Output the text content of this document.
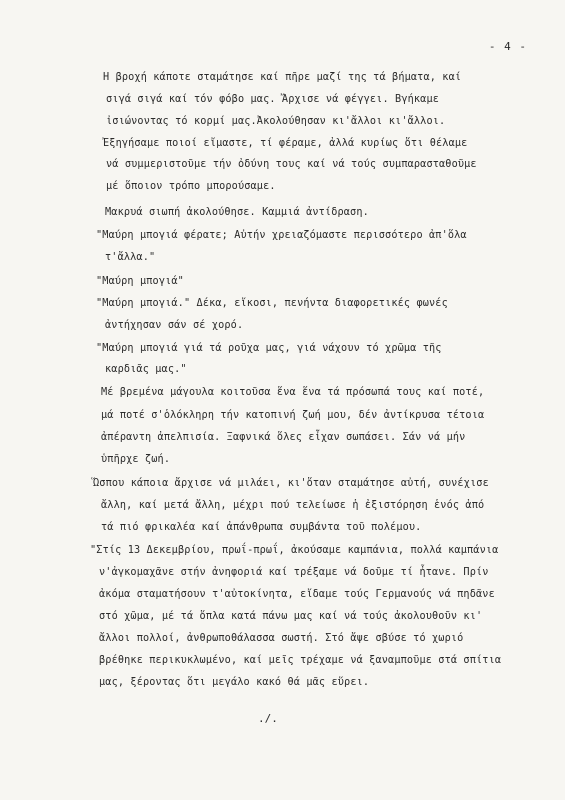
- 4 -
Η βροχή κάποτε σταμάτησε καί πῆρε μαζί της τά βήματα, καί
σιγά σιγά καί τόν φόβο μας. Ἄρχισε νά φέγγει. Βγήκαμε
ἰσιώνοντας τό κορμί μας.Ἀκολούθησαν κι'ἄλλοι κι'ἄλλοι.
Ἐξηγήσαμε ποιοί εἴμαστε, τί φέραμε, ἀλλά κυρίως ὅτι θέλαμε
νά συμμεριστοῦμε τήν ὀδύνη τους καί νά τούς συμπαρασταθοῦμε
μέ ὅποιον τρόπο μπορούσαμε.
Μακρυά σιωπή ἀκολούθησε. Καμμιά ἀντίδραση.
"Μαύρη μπογιά φέρατε; Αὐτήν χρειαζόμαστε περισσότερο ἀπ'ὅλα
τ'ἄλλα."
"Μαύρη μπογιά"
"Μαύρη μπογιά." Δέκα, εἴκοσι, πενήντα διαφορετικές φωνές
ἀντήχησαν σάν σέ χορό.
"Μαύρη μπογιά γιά τά ροῦχα μας, γιά νάχουν τό χρῶμα τῆς
καρδιᾶς μας."
Μέ βρεμένα μάγουλα κοιτοῦσα ἕνα ἕνα τά πρόσωπά τους καί ποτέ,
μά ποτέ σ'ὁλόκληρη τήν κατοπινή ζωή μου, δέν ἀντίκρυσα τέτοια
ἀπέραντη ἀπελπισία. Ξαφνικά ὅλες εἶχαν σωπάσει. Σάν νά μήν
ὑπῆρχε ζωή.
Ὥσπου κάποια ἄρχισε νά μιλάει, κι'ὅταν σταμάτησε αὐτή, συνέχισε
ἄλλη, καί μετά ἄλλη, μέχρι πού τελείωσε ἡ ἐξιστόρηση ἑνός ἀπό
τά πιό φρικαλέα καί ἀπάνθρωπα συμβάντα τοῦ πολέμου.
"Στίς 13 Δεκεμβρίου, πρωΐ-πρωΐ, ἀκούσαμε καμπάνια, πολλά καμπάνια
ν'ἀγκομαχᾶνε στήν ἀνηφοριά καί τρέξαμε νά δοῦμε τί ἦτανε. Πρίν
ἀκόμα σταματήσουν τ'αὐτοκίνητα, εἴδαμε τούς Γερμανούς νά πηδᾶνε
στό χῶμα, μέ τά ὅπλα κατά πάνω μας καί νά τούς ἀκολουθοῦν κι'
ἄλλοι πολλοί, ἀνθρωποθάλασσα σωστή. Στό ἄψε σβύσε τό χωριό
βρέθηκε περικυκλωμένο, καί μεῖς τρέχαμε νά ξαναμποῦμε στά σπίτια
μας, ξέροντας ὅτι μεγάλο κακό θά μᾶς εὕρει.
./.
